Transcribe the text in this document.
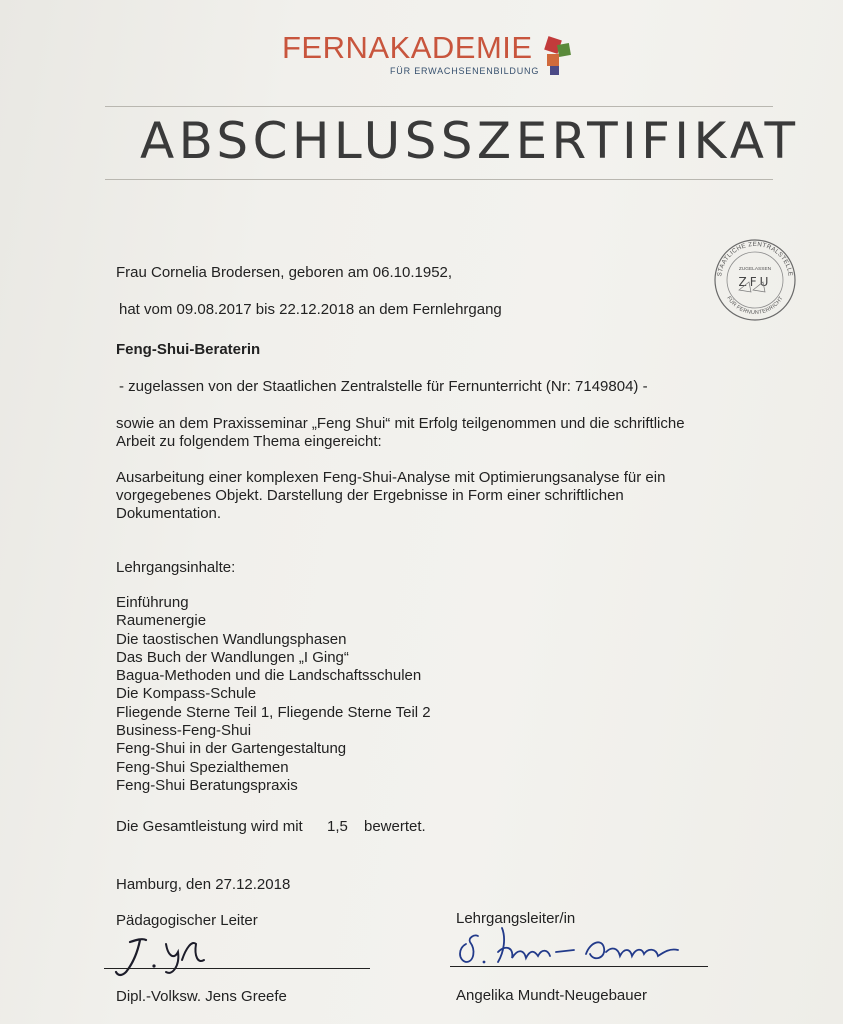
FERNAKADEMIE
FÜR ERWACHSENENBILDUNG
ABSCHLUSSZERTIFIKAT
STAATLICHE ZENTRALSTELLE
FÜR FERNUNTERRICHT
ZUGELASSEN
ZFU
Frau Cornelia Brodersen, geboren am 06.10.1952,
hat vom 09.08.2017 bis 22.12.2018 an dem Fernlehrgang
Feng-Shui-Beraterin
- zugelassen von der Staatlichen Zentralstelle für Fernunterricht (Nr: 7149804) -
sowie an dem Praxisseminar „Feng Shui“ mit Erfolg teilgenommen und die schriftliche
Arbeit zu folgendem Thema eingereicht:
Ausarbeitung einer komplexen Feng-Shui-Analyse mit Optimierungsanalyse für ein
vorgegebenes Objekt. Darstellung der Ergebnisse in Form einer schriftlichen
Dokumentation.
Lehrgangsinhalte:
Einführung
Raumenergie
Die taostischen Wandlungsphasen
Das Buch der Wandlungen „I Ging“
Bagua-Methoden und die Landschaftsschulen
Die Kompass-Schule
Fliegende Sterne Teil 1, Fliegende Sterne Teil 2
Business-Feng-Shui
Feng-Shui in der Gartengestaltung
Feng-Shui Spezialthemen
Feng-Shui Beratungspraxis
Die Gesamtleistung wird mit 1,5 bewertet.
Hamburg, den 27.12.2018
Pädagogischer Leiter	Lehrgangsleiter/in
Dipl.-Volksw. Jens Greefe	Angelika Mundt-Neugebauer
